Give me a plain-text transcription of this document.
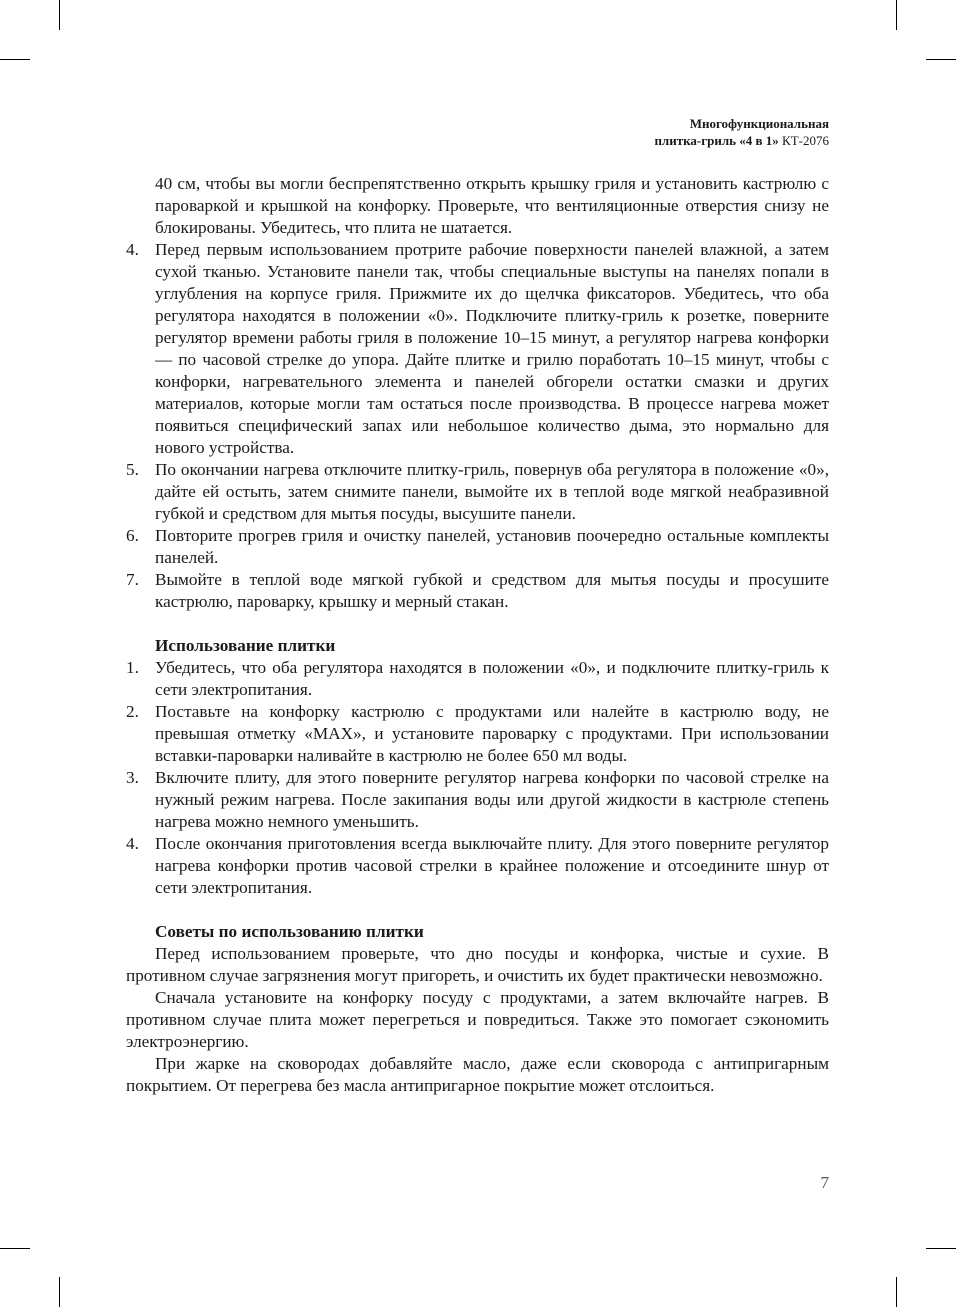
Многофункциональная
плитка-гриль «4 в 1» КТ-2076

40 см, чтобы вы могли беспрепятственно открыть крышку гриля и установить кастрюлю с пароваркой и крышкой на конфорку. Проверьте, что вентиляционные отверстия снизу не блокированы. Убедитесь, что плита не шатается.

4. Перед первым использованием протрите рабочие поверхности панелей влажной, а затем сухой тканью. Установите панели так, чтобы специальные выступы на панелях попали в углубления на корпусе гриля. Прижмите их до щелчка фиксаторов. Убедитесь, что оба регулятора находятся в положении «0». Подключите плитку-гриль к розетке, поверните регулятор времени работы гриля в положение 10–15 минут, а регулятор нагрева конфорки — по часовой стрелке до упора. Дайте плитке и грилю поработать 10–15 минут, чтобы с конфорки, нагревательного элемента и панелей обгорели остатки смазки и других материалов, которые могли там остаться после производства. В процессе нагрева может появиться специфический запах или небольшое количество дыма, это нормально для нового устройства.
5. По окончании нагрева отключите плитку-гриль, повернув оба регулятора в положение «0», дайте ей остыть, затем снимите панели, вымойте их в теплой воде мягкой неабразивной губкой и средством для мытья посуды, высушите панели.
6. Повторите прогрев гриля и очистку панелей, установив поочередно остальные комплекты панелей.
7. Вымойте в теплой воде мягкой губкой и средством для мытья посуды и просушите кастрюлю, пароварку, крышку и мерный стакан.
Использование плитки
1. Убедитесь, что оба регулятора находятся в положении «0», и подключите плитку-гриль к сети электропитания.
2. Поставьте на конфорку кастрюлю с продуктами или налейте в кастрюлю воду, не превышая отметку «MAX», и установите пароварку с продуктами. При использовании вставки-пароварки наливайте в кастрюлю не более 650 мл воды.
3. Включите плиту, для этого поверните регулятор нагрева конфорки по часовой стрелке на нужный режим нагрева. После закипания воды или другой жидкости в кастрюле степень нагрева можно немного уменьшить.
4. После окончания приготовления всегда выключайте плиту. Для этого поверните регулятор нагрева конфорки против часовой стрелки в крайнее положение и отсоедините шнур от сети электропитания.
Советы по использованию плитки

Перед использованием проверьте, что дно посуды и конфорка, чистые и сухие. В противном случае загрязнения могут пригореть, и очистить их будет практически невозможно.

Сначала установите на конфорку посуду с продуктами, а затем включайте нагрев. В противном случае плита может перегреться и повредиться. Также это помогает сэкономить электроэнергию.

При жарке на сковородах добавляйте масло, даже если сковорода с антипригарным покрытием. От перегрева без масла антипригарное покрытие может отслоиться.

7
